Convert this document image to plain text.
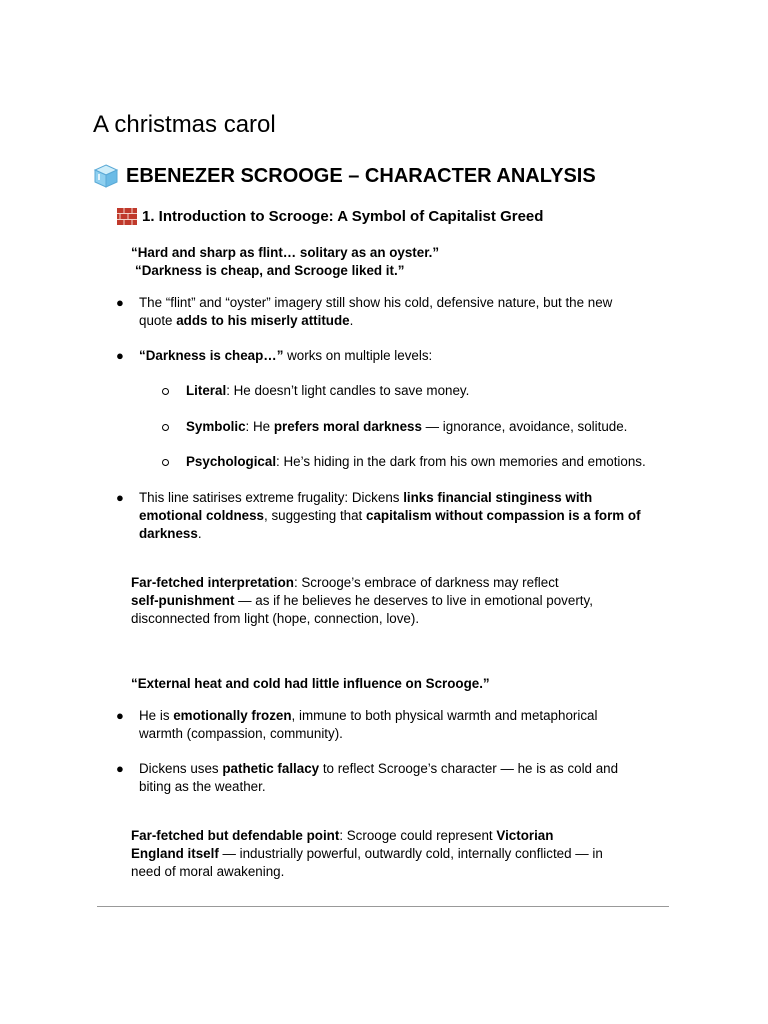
A christmas carol
EBENEZER SCROOGE – CHARACTER ANALYSIS
1. Introduction to Scrooge: A Symbol of Capitalist Greed
“Hard and sharp as flint… solitary as an oyster.”
“Darkness is cheap, and Scrooge liked it.”
● The “flint” and “oyster” imagery still show his cold, defensive nature, but the new
quote adds to his miserly attitude.
● “Darkness is cheap…” works on multiple levels:
Literal: He doesn’t light candles to save money.
Symbolic: He prefers moral darkness — ignorance, avoidance, solitude.
Psychological: He’s hiding in the dark from his own memories and emotions.
● This line satirises extreme frugality: Dickens links financial stinginess with
emotional coldness, suggesting that capitalism without compassion is a form of
darkness.
Far-fetched interpretation: Scrooge’s embrace of darkness may reflect
self-punishment — as if he believes he deserves to live in emotional poverty,
disconnected from light (hope, connection, love).
“External heat and cold had little influence on Scrooge.”
● He is emotionally frozen, immune to both physical warmth and metaphorical
warmth (compassion, community).
● Dickens uses pathetic fallacy to reflect Scrooge’s character — he is as cold and
biting as the weather.
Far-fetched but defendable point: Scrooge could represent Victorian
England itself — industrially powerful, outwardly cold, internally conflicted — in
need of moral awakening.
